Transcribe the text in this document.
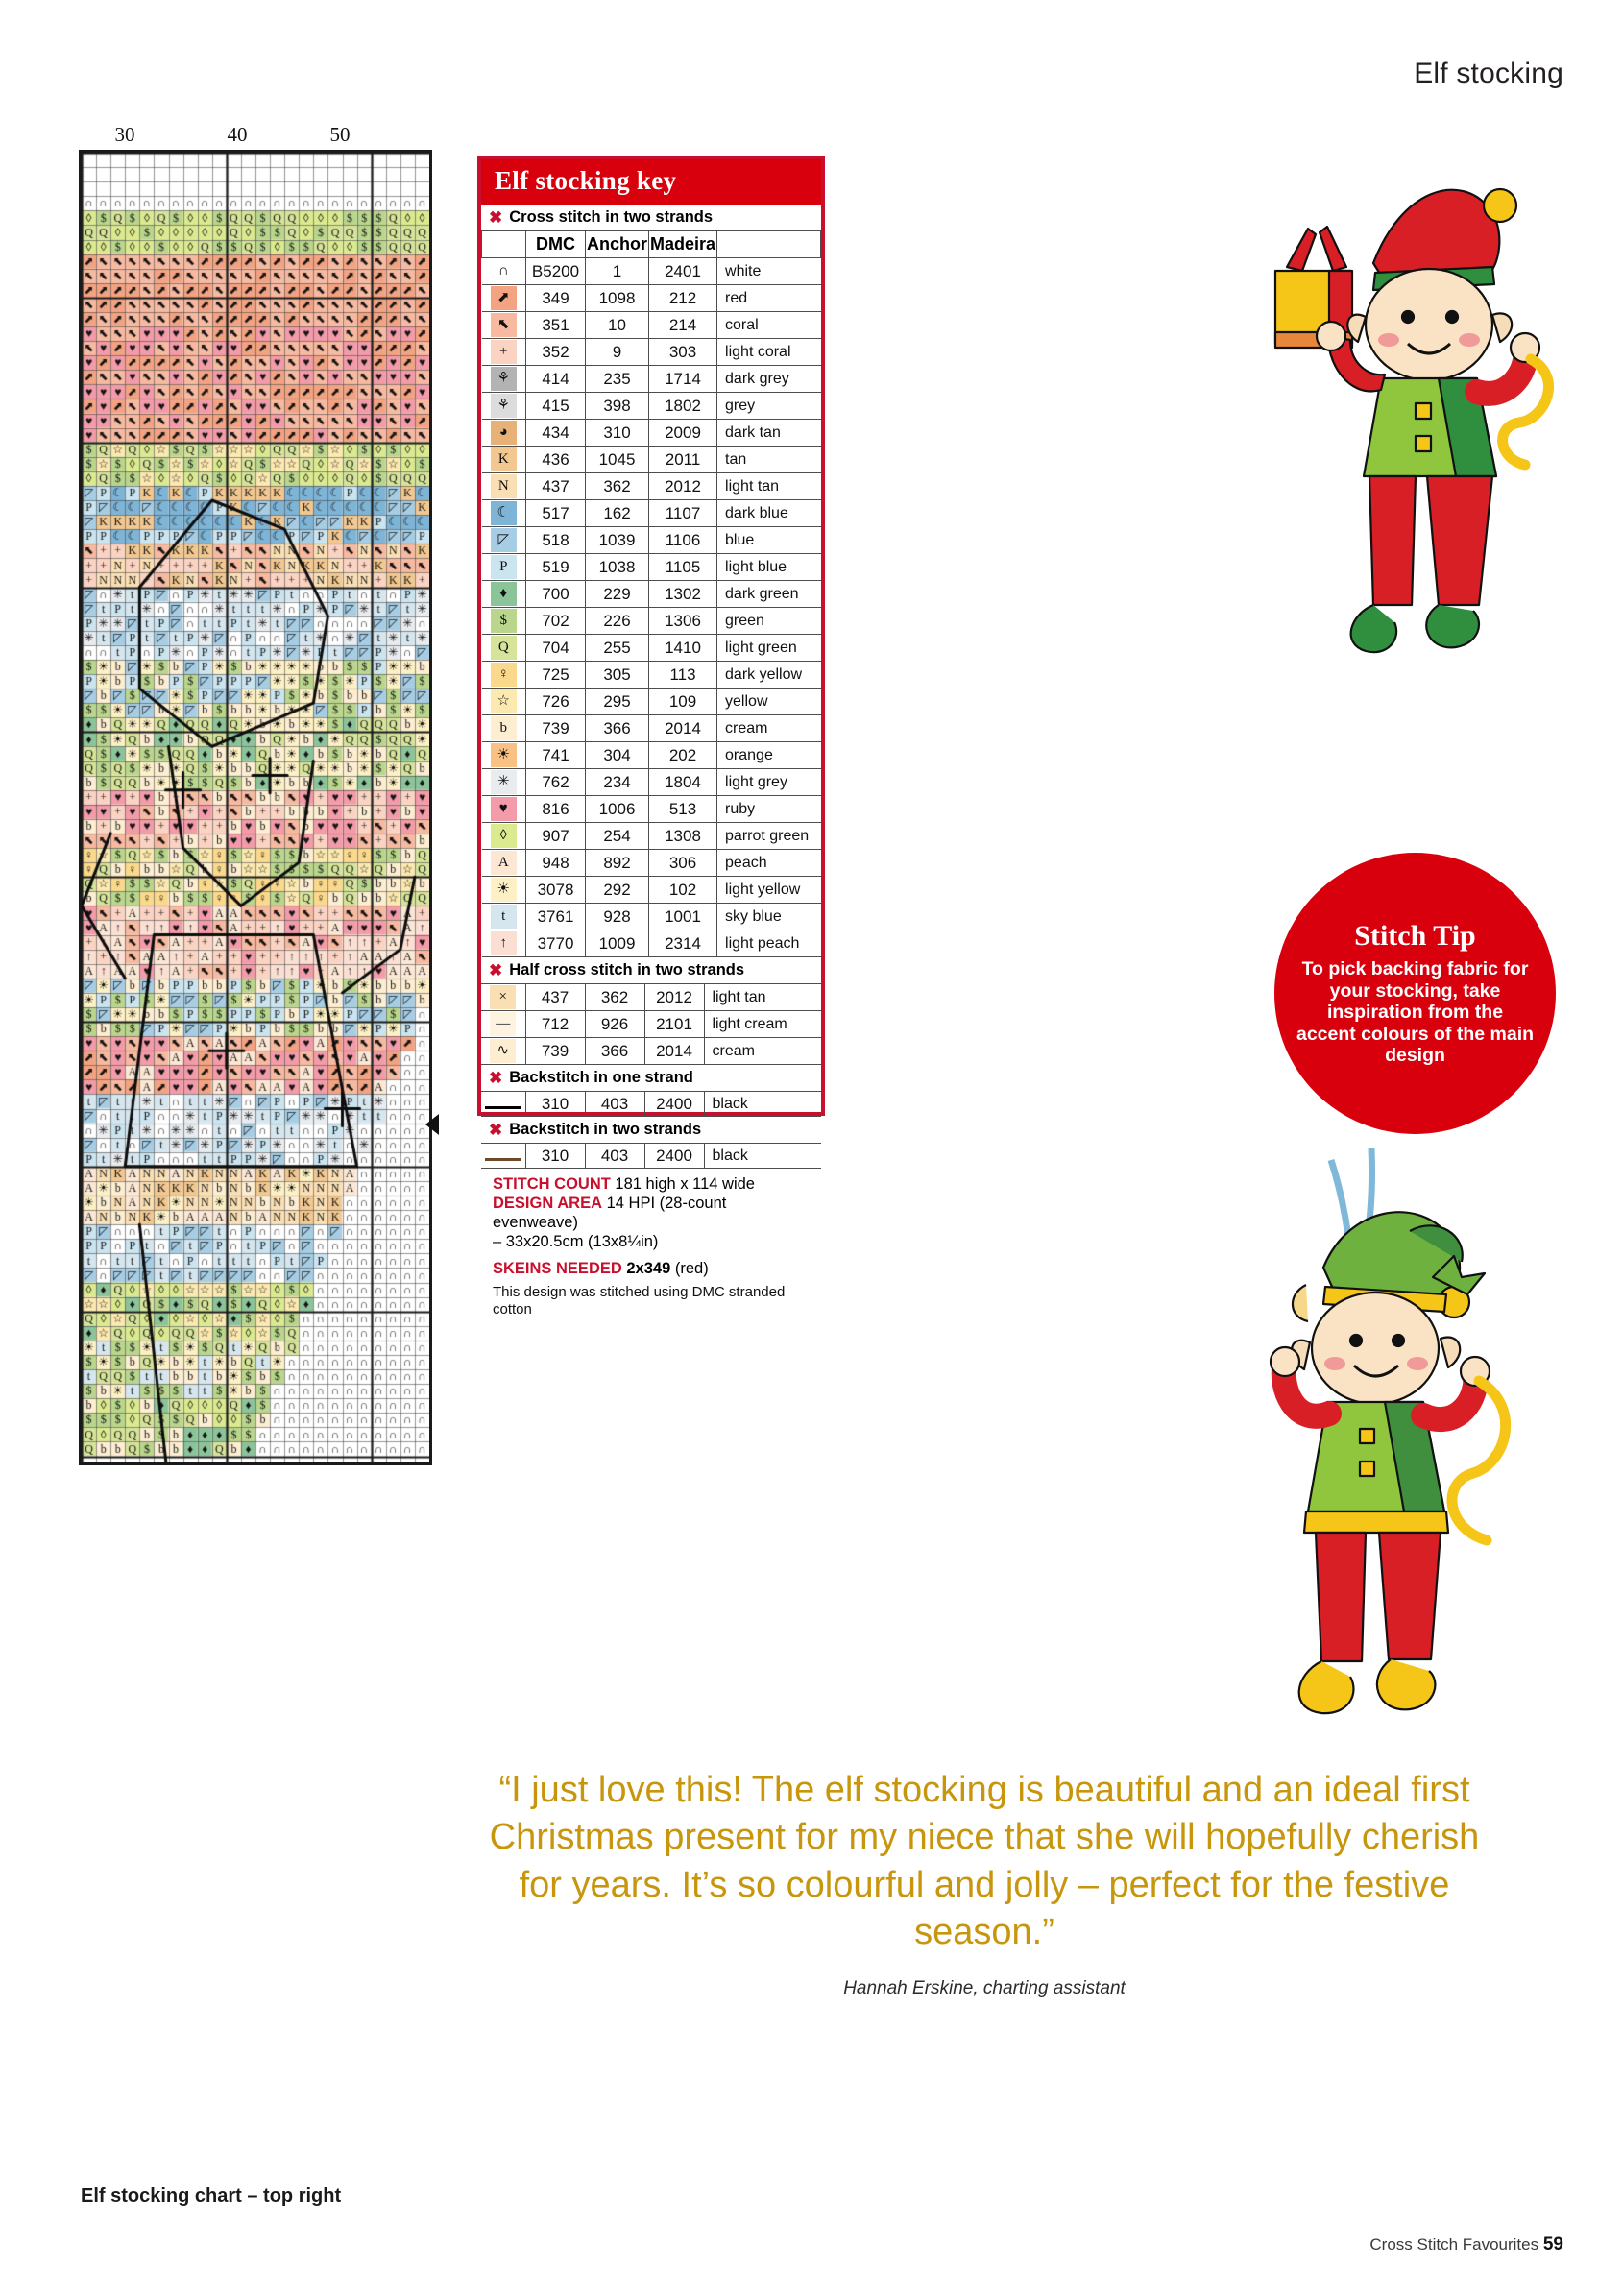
Elf stocking
30	40	50
Elf stocking chart – top right
Elf stocking key
✖ Cross stitch in two strands
	DMC	Anchor	Madeira	
∩	B5200	1	2401	white
⬈	349	1098	212	red
⬉	351	10	214	coral
+	352	9	303	light coral
⚘	414	235	1714	dark grey
⚘	415	398	1802	grey
◕	434	310	2009	dark tan
K	436	1045	2011	tan
N	437	362	2012	light tan
☾	517	162	1107	dark blue
◸	518	1039	1106	blue
P	519	1038	1105	light blue
♦	700	229	1302	dark green
$	702	226	1306	green
Q	704	255	1410	light green
♀	725	305	113	dark yellow
☆	726	295	109	yellow
b	739	366	2014	cream
☀	741	304	202	orange
✳	762	234	1804	light grey
♥	816	1006	513	ruby
◊	907	254	1308	parrot green
A	948	892	306	peach
☀	3078	292	102	light yellow
t	3761	928	1001	sky blue
↑	3770	1009	2314	light peach
✖ Half cross stitch in two strands
×	437	362	2012	light tan
—	712	926	2101	light cream
∿	739	366	2014	cream
✖ Backstitch in one strand
	310	403	2400	black
✖ Backstitch in two strands
	310	403	2400	black
STITCH COUNT 181 high x 114 wide
DESIGN AREA 14 HPI (28-count evenweave)
– 33x20.5cm (13x8¼in)
SKEINS NEEDED 2x349 (red)
This design was stitched using DMC stranded cotton
Stitch Tip
To pick backing fabric for your stocking, take inspiration from the accent colours of the main design
“I just love this! The elf stocking is beautiful and an ideal first Christmas present for my niece that she will hopefully cherish for years. It’s so colourful and jolly – perfect for the festive season.”
Hannah Erskine, charting assistant
Cross Stitch Favourites 59
